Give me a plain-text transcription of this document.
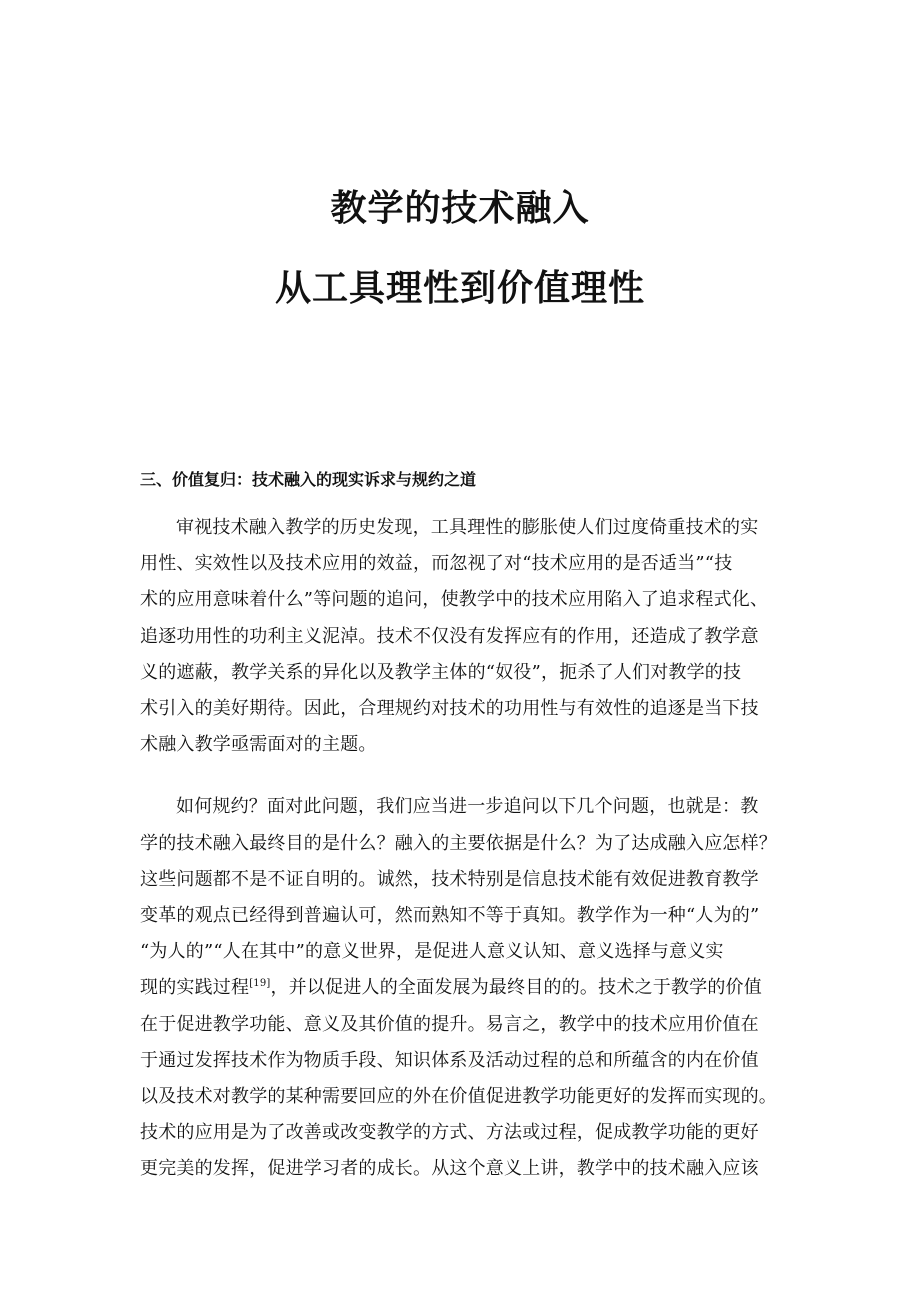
教学的技术融入
从工具理性到价值理性
三、价值复归：技术融入的现实诉求与规约之道
审视技术融入教学的历史发现，工具理性的膨胀使人们过度倚重技术的实
用性、实效性以及技术应用的效益，而忽视了对“技术应用的是否适当”“技
术的应用意味着什么”等问题的追问，使教学中的技术应用陷入了追求程式化、
追逐功用性的功利主义泥淖。技术不仅没有发挥应有的作用，还造成了教学意
义的遮蔽，教学关系的异化以及教学主体的“奴役”，扼杀了人们对教学的技
术引入的美好期待。因此，合理规约对技术的功用性与有效性的追逐是当下技
术融入教学亟需面对的主题。
如何规约？面对此问题，我们应当进一步追问以下几个问题，也就是：教
学的技术融入最终目的是什么？融入的主要依据是什么？为了达成融入应怎样？
这些问题都不是不证自明的。诚然，技术特别是信息技术能有效促进教育教学
变革的观点已经得到普遍认可，然而熟知不等于真知。教学作为一种“人为的”
“为人的”“人在其中”的意义世界，是促进人意义认知、意义选择与意义实
现的实践过程[19]，并以促进人的全面发展为最终目的的。技术之于教学的价值
在于促进教学功能、意义及其价值的提升。易言之，教学中的技术应用价值在
于通过发挥技术作为物质手段、知识体系及活动过程的总和所蕴含的内在价值
以及技术对教学的某种需要回应的外在价值促进教学功能更好的发挥而实现的。
技术的应用是为了改善或改变教学的方式、方法或过程，促成教学功能的更好
更完美的发挥，促进学习者的成长。从这个意义上讲，教学中的技术融入应该
